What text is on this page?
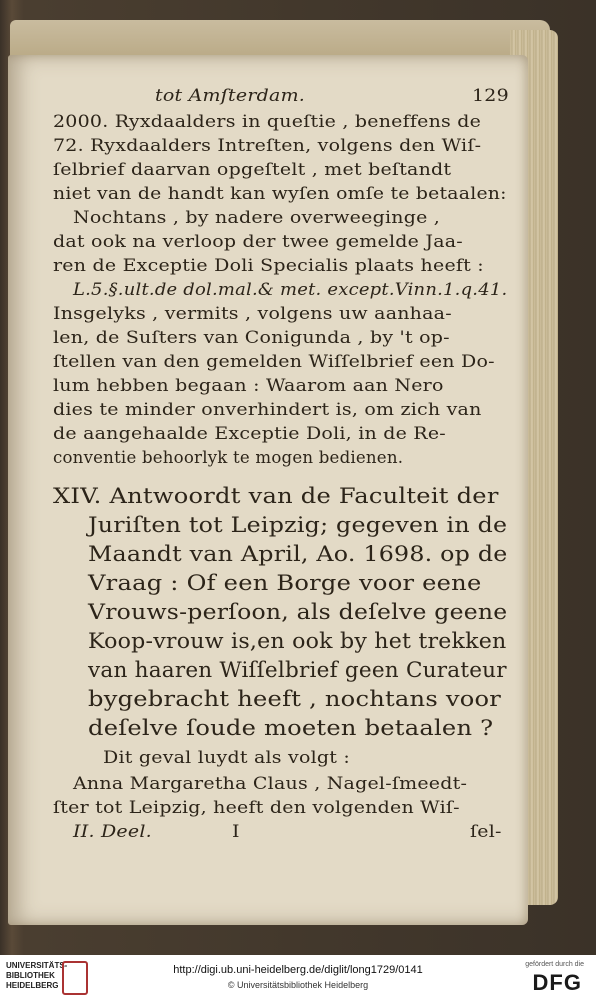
tot Amſterdam.	129
2000. Ryxdaalders in queſtie , beneffens de
72. Ryxdaalders Intreſten, volgens den Wiſ-
ſelbrief daarvan opgeſtelt , met beſtandt
niet van de handt kan wyſen omſe te betaalen:
Nochtans , by nadere overweeginge ,
dat ook na verloop der twee gemelde Jaa-
ren de Exceptie Doli Specialis plaats heeft :
L.5.§.ult.de dol.mal.& met. except.Vinn.1.q.41.
Insgelyks , vermits , volgens uw aanhaa-
len, de Suſters van Conigunda , by 't op-
ſtellen van den gemelden Wiſſelbrief een Do-
lum hebben begaan : Waarom aan Nero
dies te minder onverhindert is, om zich van
de aangehaalde Exceptie Doli, in de Re-
conventie behoorlyk te mogen bedienen.
XIV. Antwoordt van de Faculteit der
Juriſten tot Leipzig; gegeven in de
Maandt van April, Ao. 1698. op de
Vraag : Of een Borge voor eene
Vrouws-perſoon, als deſelve geene
Koop-vrouw is,en ook by het trekken
van haaren Wiſſelbrief geen Curateur
bygebracht heeft , nochtans voor
deſelve ſoude moeten betaalen ?
Dit geval luydt als volgt :
Anna Margaretha Claus , Nagel-ſmeedt-
ſter tot Leipzig, heeft den volgenden Wiſ-
II. Deel.	I	ſel-
UNIVERSITÄTS-
BIBLIOTHEK
HEIDELBERG
http://digi.ub.uni-heidelberg.de/diglit/long1729/0141
© Universitätsbibliothek Heidelberg
gefördert durch die
DFG
